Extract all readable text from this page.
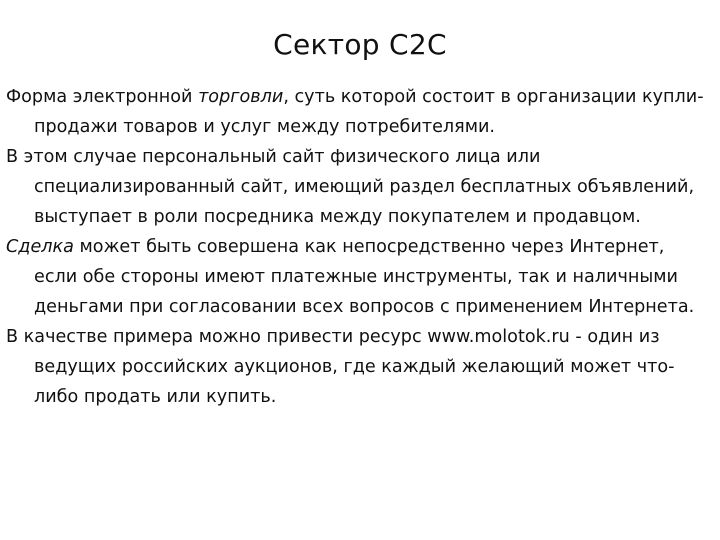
Сектор С2С

Форма электронной торговли, суть которой состоит в организации купли-продажи товаров и услуг между потребителями.

В этом случае персональный сайт физического лица или специализированный сайт, имеющий раздел бесплатных объявлений, выступает в роли посредника между покупателем и продавцом.

Сделка может быть совершена как непосредственно через Интернет, если обе стороны имеют платежные инструменты, так и наличными деньгами при согласовании всех вопросов с применением Интернета.

В качестве примера можно привести ресурс www.molotok.ru - один из ведущих российских аукционов, где каждый желающий может что-либо продать или купить.
